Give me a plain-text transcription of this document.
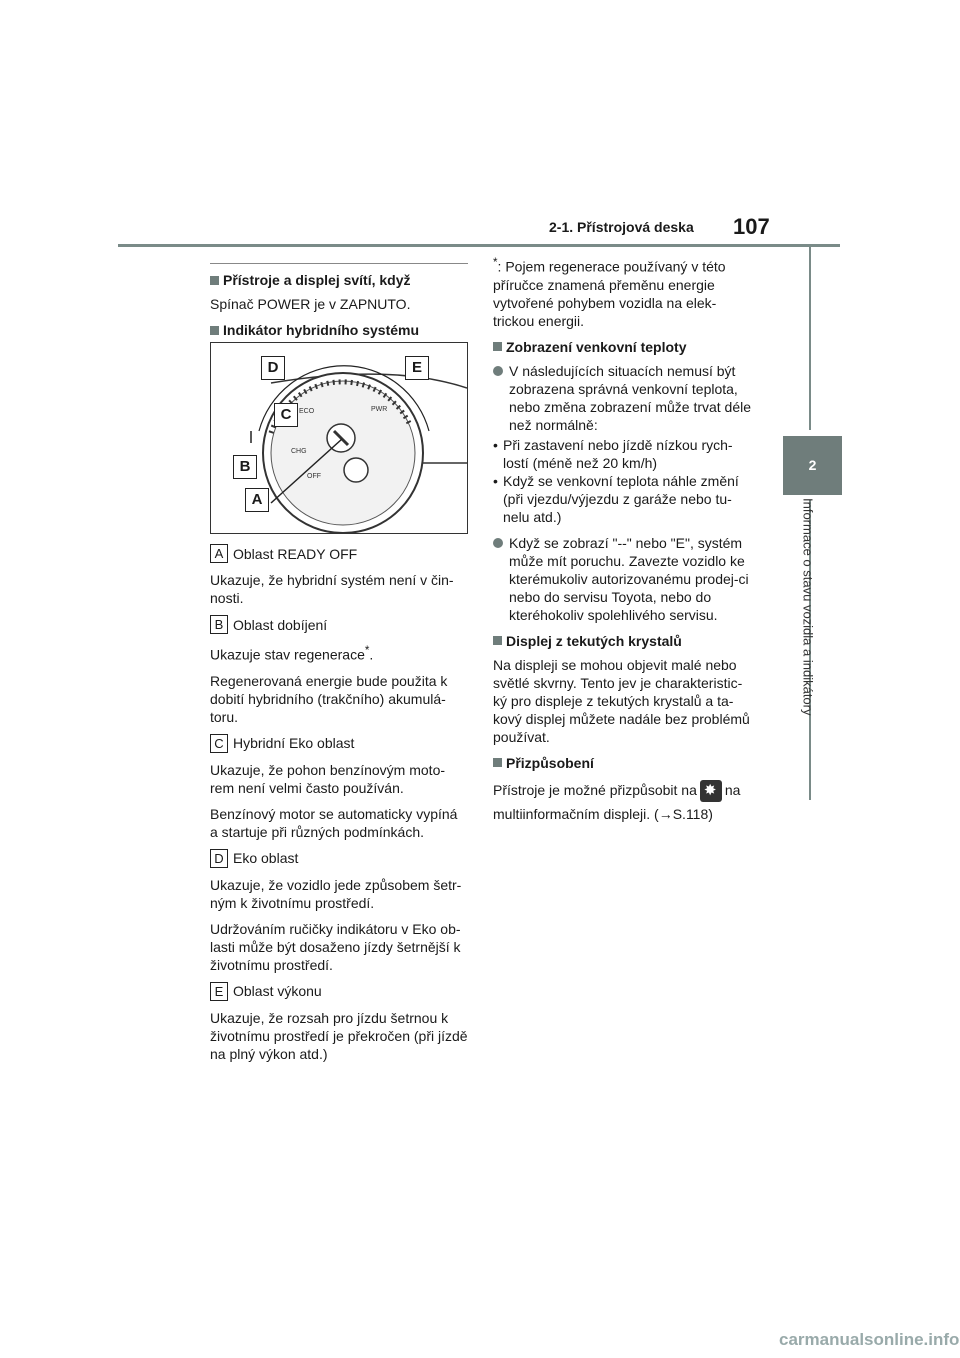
2-1. Přístrojová deska 107
2
Informace o stavu vozidla a indikátory
Přístroje a displej svítí, když

Spínač POWER je v ZAPNUTO.

Indikátor hybridního systému
ECO	PWR
CHG
OFF
D	E
C
B
A
A Oblast READY OFF

Ukazuje, že hybridní systém není v čin-nosti.

B Oblast dobíjení

Ukazuje stav regenerace*.

Regenerovaná energie bude použita k dobití hybridního (trakčního) akumulá-toru.

C Hybridní Eko oblast

Ukazuje, že pohon benzínovým moto-rem není velmi často používán.

Benzínový motor se automaticky vypíná a startuje při různých podmínkách.

D Eko oblast

Ukazuje, že vozidlo jede způsobem šetr-ným k životnímu prostředí.

Udržováním ručičky indikátoru v Eko ob-lasti může být dosaženo jízdy šetrnější k životnímu prostředí.

E Oblast výkonu

Ukazuje, že rozsah pro jízdu šetrnou k životnímu prostředí je překročen (při jízdě na plný výkon atd.)

*: Pojem regenerace používaný v této příručce znamená přeměnu energie vytvořené pohybem vozidla na elek-trickou energii.

Zobrazení venkovní teploty
V následujících situacích nemusí být zobrazena správná venkovní teplota, nebo změna zobrazení může trvat déle než normálně:
• Při zastavení nebo jízdě nízkou rych-lostí (méně než 20 km/h)
• Když se venkovní teplota náhle změní (při vjezdu/výjezdu z garáže nebo tu-nelu atd.)
Když se zobrazí "--" nebo "E", systém může mít poruchu. Zavezte vozidlo ke kterémukoliv autorizovanému prodej-ci nebo do servisu Toyota, nebo do kteréhokoliv spolehlivého servisu.
Displej z tekutých krystalů

Na displeji se mohou objevit malé nebo světlé skvrny. Tento jev je charakteristic-ký pro displeje z tekutých krystalů a ta-kový displej můžete nadále bez problémů používat.

Přizpůsobení

Přístroje je možné přizpůsobit na✸ na
multiinformačním displeji. (→S.118)

carmanualsonline.info
